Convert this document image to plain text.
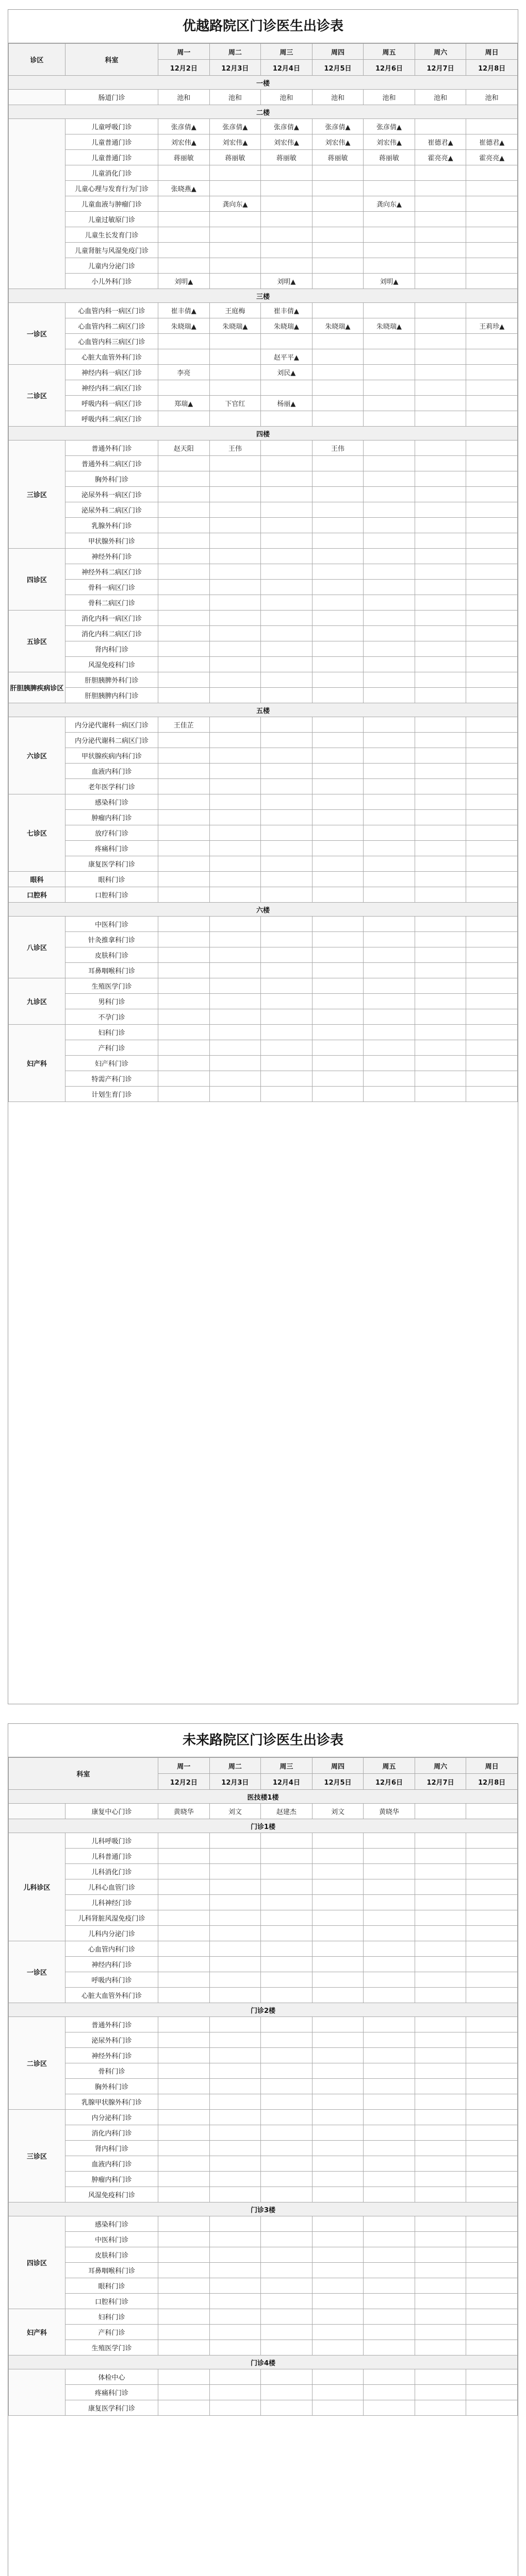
优越路院区门诊医生出诊表
诊区	科室	周一	周二	周三	周四	周五	周六	周日
		12月2日	12月3日	12月4日	12月5日	12月6日	12月7日	12月8日
一楼								
	肠道门诊	池和	池和	池和	池和	池和	池和	池和
二楼								
	儿童呼吸门诊	张彦倩▲	张彦倩▲	张彦倩▲	张彦倩▲	张彦倩▲		
	儿童普通门诊	刘宏伟▲	刘宏伟▲	刘宏伟▲	刘宏伟▲	刘宏伟▲	崔德君▲	崔德君▲
	儿童普通门诊	蒋丽敏	蒋丽敏	蒋丽敏	蒋丽敏	蒋丽敏	霍亮亮▲	霍亮亮▲
	儿童消化门诊							
	儿童心理与发育行为门诊	张晓燕▲						
	儿童血液与肿瘤门诊		龚向东▲			龚向东▲		
	儿童过敏原门诊							
	儿童生长发育门诊							
	儿童肾脏与风湿免疫门诊							
	儿童内分泌门诊							
	小儿外科门诊	刘明▲		刘明▲		刘明▲		
三楼								
一诊区	心血管内科一病区门诊	崔丰倩▲	王庭梅	崔丰倩▲				
	心血管内科二病区门诊	朱晓瑞▲	朱晓瑞▲	朱晓瑞▲	朱晓瑞▲	朱晓瑞▲		王莉珍▲
	心血管内科三病区门诊							
	心脏大血管外科门诊			赵平平▲				
二诊区	神经内科一病区门诊	李亮		刘民▲				
	神经内科二病区门诊							
	呼吸内科一病区门诊	郑瑞▲	下官红	杨丽▲				
	呼吸内科二病区门诊							
四楼								
三诊区	普通外科门诊	赵天阳	王伟		王伟			
	普通外科二病区门诊							
	胸外科门诊							
	泌尿外科一病区门诊							
	泌尿外科二病区门诊							
	乳腺外科门诊							
	甲状腺外科门诊							
四诊区	神经外科门诊							
	神经外科二病区门诊							
	骨科一病区门诊							
	骨科二病区门诊							
五诊区	消化内科一病区门诊							
	消化内科二病区门诊							
	肾内科门诊							
	风湿免疫科门诊							
肝胆胰脾疾病诊区	肝胆胰脾外科门诊							
	肝胆胰脾内科门诊							
五楼								
六诊区	内分泌代谢科一病区门诊	王佳芷						
	内分泌代谢科二病区门诊							
	甲状腺疾病内科门诊							
	血液内科门诊							
	老年医学科门诊							
七诊区	感染科门诊							
	肿瘤内科门诊							
	放疗科门诊							
	疼痛科门诊							
	康复医学科门诊							
眼科	眼科门诊							
口腔科	口腔科门诊							
六楼								
八诊区	中医科门诊							
	针灸推拿科门诊							
	皮肤科门诊							
	耳鼻咽喉科门诊							
九诊区	生殖医学门诊							
	男科门诊							
	不孕门诊							
妇产科	妇科门诊							
	产科门诊							
	妇产科门诊							
	特需产科门诊							
	计划生育门诊							
未来路院区门诊医生出诊表
科室		周一	周二	周三	周四	周五	周六	周日
		12月2日	12月3日	12月4日	12月5日	12月6日	12月7日	12月8日
医技楼1楼								
	康复中心门诊	黄晓华	刘文	赵建杰	刘文	黄晓华		
门诊1楼								
儿科诊区	儿科呼吸门诊							
	儿科普通门诊							
	儿科消化门诊							
	儿科心血管门诊							
	儿科神经门诊							
	儿科肾脏风湿免疫门诊							
	儿科内分泌门诊							
一诊区	心血管内科门诊							
	神经内科门诊							
	呼吸内科门诊							
	心脏大血管外科门诊							
门诊2楼								
二诊区	普通外科门诊							
	泌尿外科门诊							
	神经外科门诊							
	骨科门诊							
	胸外科门诊							
	乳腺甲状腺外科门诊							
三诊区	内分泌科门诊							
	消化内科门诊							
	肾内科门诊							
	血液内科门诊							
	肿瘤内科门诊							
	风湿免疫科门诊							
门诊3楼								
四诊区	感染科门诊							
	中医科门诊							
	皮肤科门诊							
	耳鼻咽喉科门诊							
	眼科门诊							
	口腔科门诊							
妇产科	妇科门诊							
	产科门诊							
	生殖医学门诊							
门诊4楼								
	体检中心							
	疼痛科门诊							
	康复医学科门诊							
